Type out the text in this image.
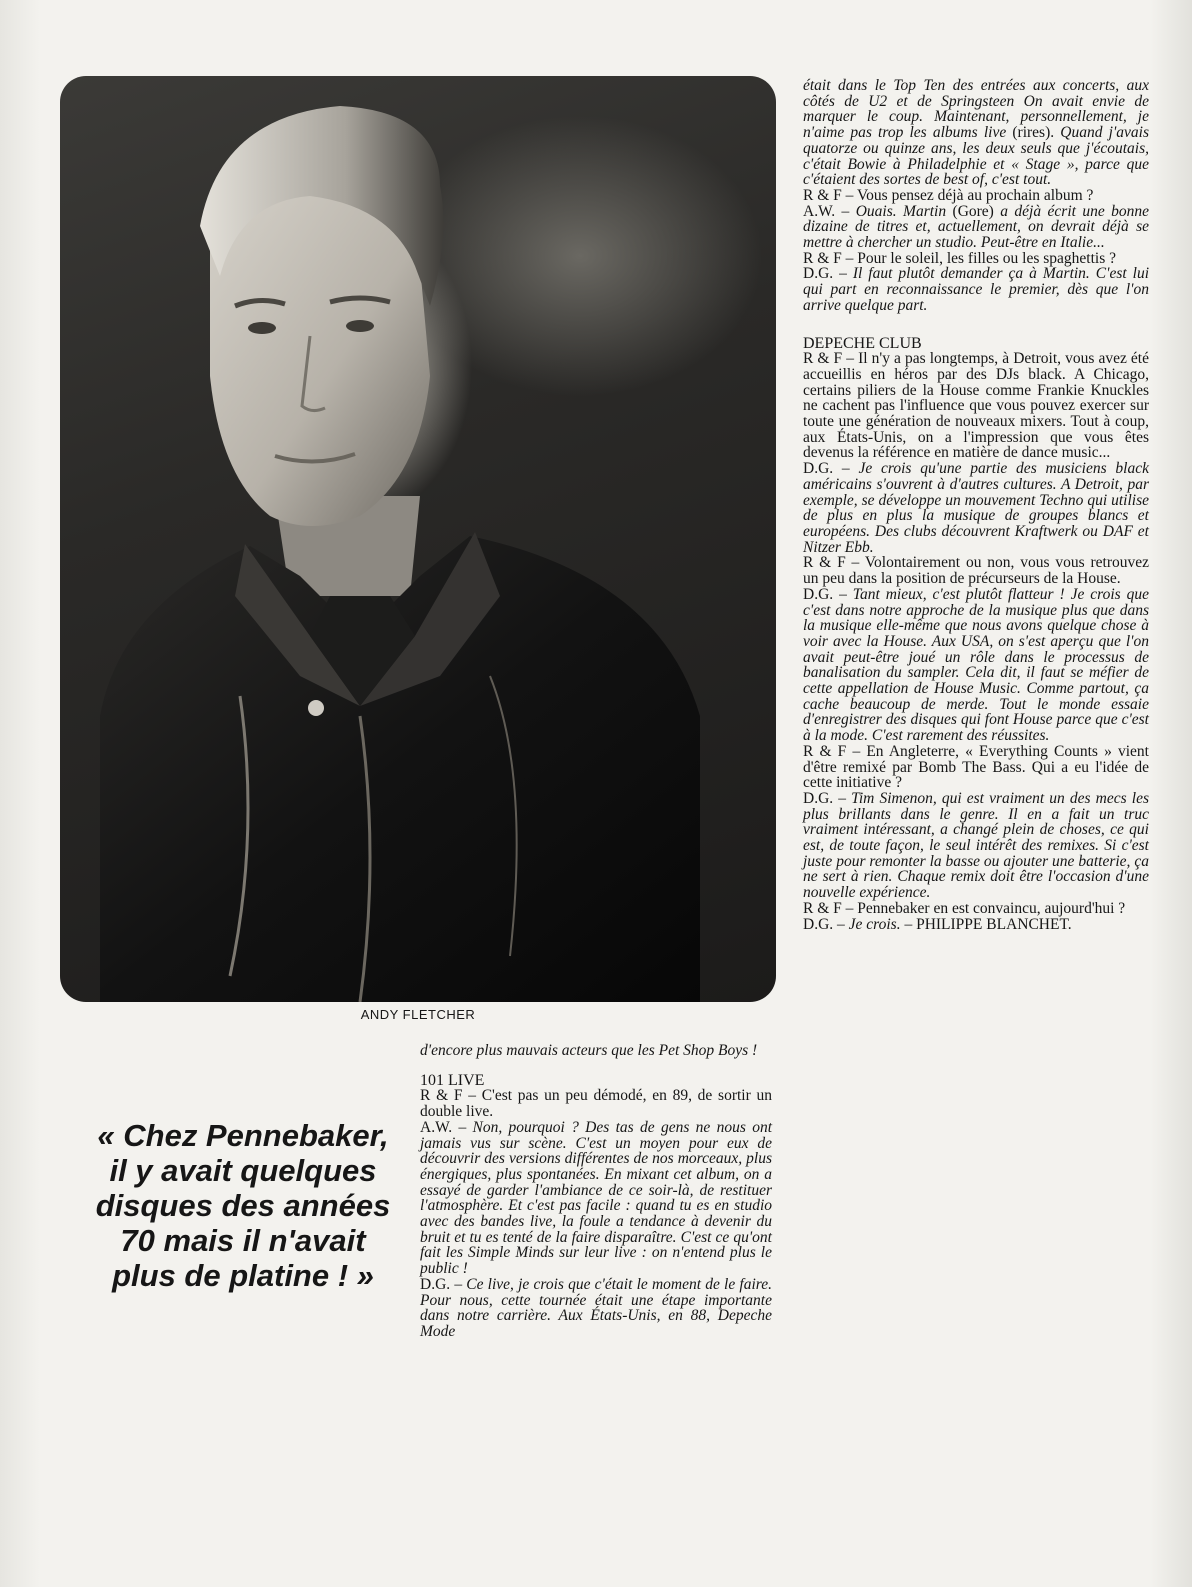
ANDY FLETCHER
« Chez Pennebaker, il y avait quelques disques des années 70 mais il n'avait plus de platine ! »

d'encore plus mauvais acteurs que les Pet Shop Boys !

101 LIVE

R & F – C'est pas un peu démodé, en 89, de sortir un double live.

A.W. – Non, pourquoi ? Des tas de gens ne nous ont jamais vus sur scène. C'est un moyen pour eux de découvrir des versions différentes de nos morceaux, plus énergiques, plus spontanées. En mixant cet album, on a essayé de garder l'ambiance de ce soir-là, de restituer l'atmosphère. Et c'est pas facile : quand tu es en studio avec des bandes live, la foule a tendance à devenir du bruit et tu es tenté de la faire disparaître. C'est ce qu'ont fait les Simple Minds sur leur live : on n'entend plus le public !

D.G. – Ce live, je crois que c'était le moment de le faire. Pour nous, cette tournée était une étape importante dans notre carrière. Aux États-Unis, en 88, Depeche Mode

était dans le Top Ten des entrées aux concerts, aux côtés de U2 et de Springsteen On avait envie de marquer le coup. Maintenant, personnellement, je n'aime pas trop les albums live (rires). Quand j'avais quatorze ou quinze ans, les deux seuls que j'écoutais, c'était Bowie à Philadelphie et « Stage », parce que c'étaient des sortes de best of, c'est tout.

R & F – Vous pensez déjà au prochain album ?

A.W. – Ouais. Martin (Gore) a déjà écrit une bonne dizaine de titres et, actuellement, on devrait déjà se mettre à chercher un studio. Peut-être en Italie...

R & F – Pour le soleil, les filles ou les spaghettis ?

D.G. – Il faut plutôt demander ça à Martin. C'est lui qui part en reconnaissance le premier, dès que l'on arrive quelque part.

DEPECHE CLUB

R & F – Il n'y a pas longtemps, à Detroit, vous avez été accueillis en héros par des DJs black. A Chicago, certains piliers de la House comme Frankie Knuckles ne cachent pas l'influence que vous pouvez exercer sur toute une génération de nouveaux mixers. Tout à coup, aux États-Unis, on a l'impression que vous êtes devenus la référence en matière de dance music...

D.G. – Je crois qu'une partie des musiciens black américains s'ouvrent à d'autres cultures. A Detroit, par exemple, se développe un mouvement Techno qui utilise de plus en plus la musique de groupes blancs et européens. Des clubs découvrent Kraftwerk ou DAF et Nitzer Ebb.

R & F – Volontairement ou non, vous vous retrouvez un peu dans la position de précurseurs de la House.

D.G. – Tant mieux, c'est plutôt flatteur ! Je crois que c'est dans notre approche de la musique plus que dans la musique elle-même que nous avons quelque chose à voir avec la House. Aux USA, on s'est aperçu que l'on avait peut-être joué un rôle dans le processus de banalisation du sampler. Cela dit, il faut se méfier de cette appellation de House Music. Comme partout, ça cache beaucoup de merde. Tout le monde essaie d'enregistrer des disques qui font House parce que c'est à la mode. C'est rarement des réussites.

R & F – En Angleterre, « Everything Counts » vient d'être remixé par Bomb The Bass. Qui a eu l'idée de cette initiative ?

D.G. – Tim Simenon, qui est vraiment un des mecs les plus brillants dans le genre. Il en a fait un truc vraiment intéressant, a changé plein de choses, ce qui est, de toute façon, le seul intérêt des remixes. Si c'est juste pour remonter la basse ou ajouter une batterie, ça ne sert à rien. Chaque remix doit être l'occasion d'une nouvelle expérience.

R & F – Pennebaker en est convaincu, aujourd'hui ?

D.G. – Je crois. – PHILIPPE BLANCHET.
